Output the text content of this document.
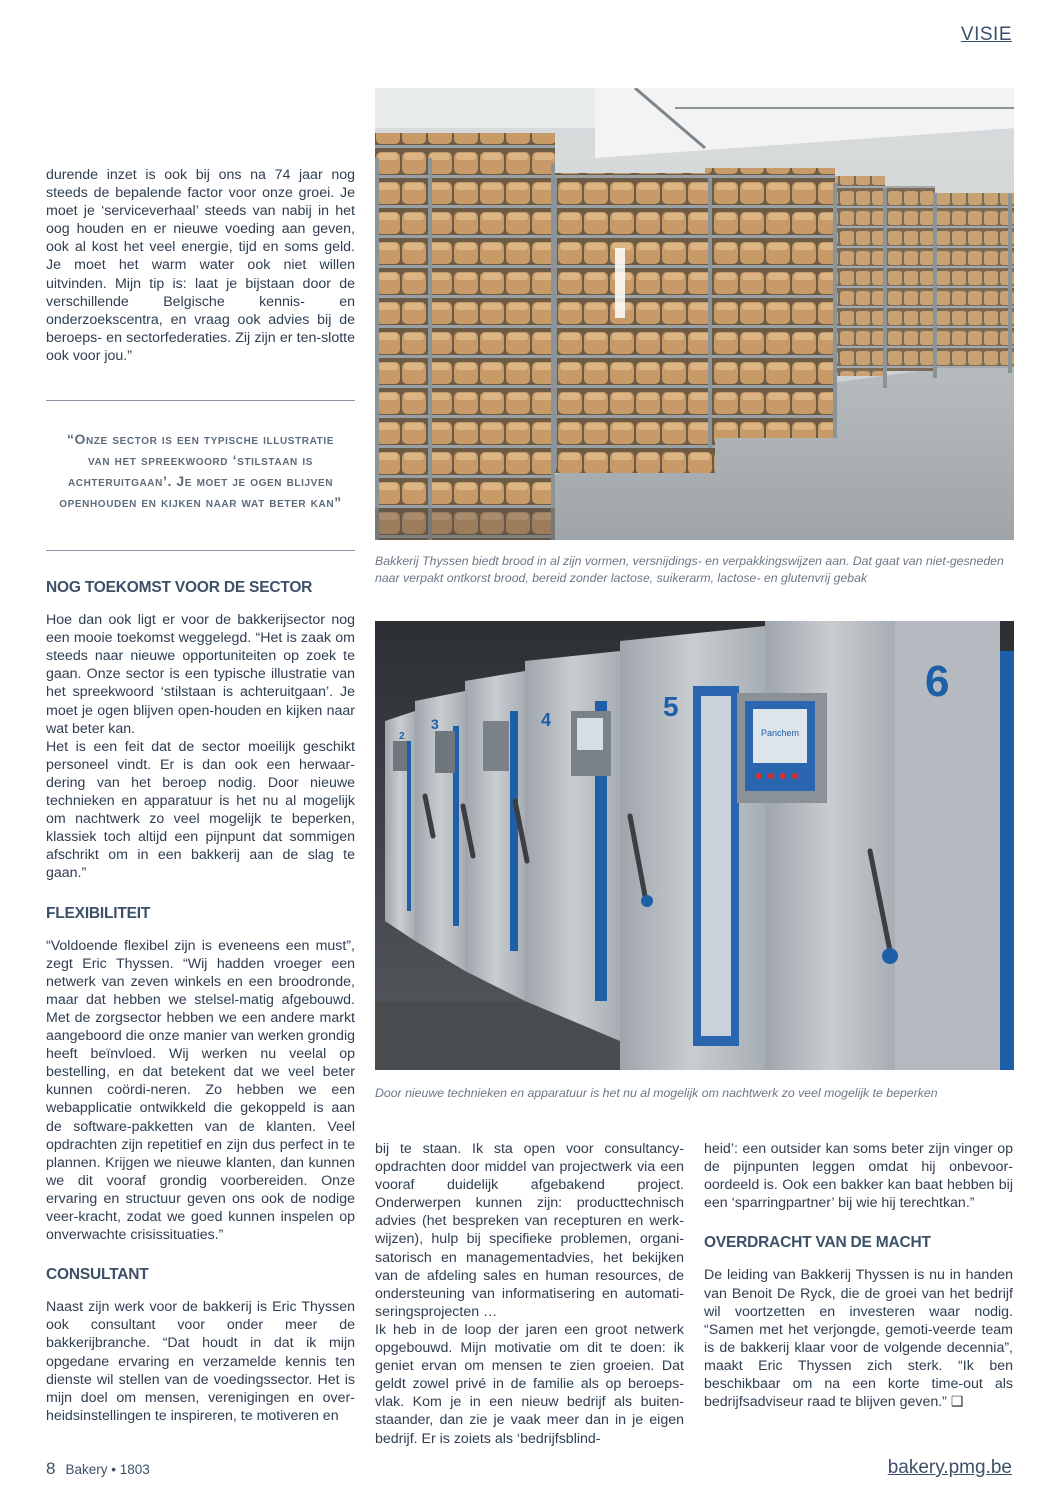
VISIE

durende inzet is ook bij ons na 74 jaar nog steeds de bepalende factor voor onze groei. Je moet je ‘serviceverhaal’ steeds van nabij in het oog houden en er nieuwe voeding aan geven, ook al kost het veel energie, tijd en soms geld. Je moet het warm water ook niet willen uitvinden. Mijn tip is: laat je bijstaan door de verschillende Belgische kennis- en onderzoekscentra, en vraag ook advies bij de beroeps- en sectorfederaties. Zij zijn er ten-slotte ook voor jou.”

“Onze sector is een typische illustratie van het spreekwoord ‘stilstaan is achteruitgaan’. Je moet je ogen blijven openhouden en kijken naar wat beter kan”
NOG TOEKOMST VOOR DE SECTOR

Hoe dan ook ligt er voor de bakkerijsector nog een mooie toekomst weggelegd. “Het is zaak om steeds naar nieuwe opportuniteiten op zoek te gaan. Onze sector is een typische illustratie van het spreekwoord ‘stilstaan is achteruitgaan’. Je moet je ogen blijven open-houden en kijken naar wat beter kan.

Het is een feit dat de sector moeilijk geschikt personeel vindt. Er is dan ook een herwaar-dering van het beroep nodig. Door nieuwe technieken en apparatuur is het nu al mogelijk om nachtwerk zo veel mogelijk te beperken, klassiek toch altijd een pijnpunt dat sommigen afschrikt om in een bakkerij aan de slag te gaan.”

FLEXIBILITEIT

“Voldoende flexibel zijn is eveneens een must”, zegt Eric Thyssen. “Wij hadden vroeger een netwerk van zeven winkels en een broodronde, maar dat hebben we stelsel-matig afgebouwd. Met de zorgsector hebben we een andere markt aangeboord die onze manier van werken grondig heeft beïnvloed. Wij werken nu veelal op bestelling, en dat betekent dat we veel beter kunnen coördi-neren. Zo hebben we een webapplicatie ontwikkeld die gekoppeld is aan de software-pakketten van de klanten. Veel opdrachten zijn repetitief en zijn dus perfect in te plannen. Krijgen we nieuwe klanten, dan kunnen we dit vooraf grondig voorbereiden. Onze ervaring en structuur geven ons ook de nodige veer-kracht, zodat we goed kunnen inspelen op onverwachte crisissituaties.”

CONSULTANT

Naast zijn werk voor de bakkerij is Eric Thyssen ook consultant voor onder meer de bakkerijbranche. “Dat houdt in dat ik mijn opgedane ervaring en verzamelde kennis ten dienste wil stellen van de voedingssector. Het is mijn doel om mensen, verenigingen en over-heidsinstellingen te inspireren, te motiveren en

Bakkerij Thyssen biedt brood in al zijn vormen, versnijdings- en verpakkingswijzen aan. Dat gaat van niet-gesneden naar verpakt ontkorst brood, bereid zonder lactose, suikerarm, lactose- en glutenvrij gebak
2
3	4	5
6
Panchem
Door nieuwe technieken en apparatuur is het nu al mogelijk om nachtwerk zo veel mogelijk te beperken

bij te staan. Ik sta open voor consultancy-opdrachten door middel van projectwerk via een vooraf duidelijk afgebakend project. Onderwerpen kunnen zijn: producttechnisch advies (het bespreken van recepturen en werk-wijzen), hulp bij specifieke problemen, organi-satorisch en managementadvies, het bekijken van de afdeling sales en human resources, de ondersteuning van informatisering en automati-seringsprojecten …

Ik heb in de loop der jaren een groot netwerk opgebouwd. Mijn motivatie om dit te doen: ik geniet ervan om mensen te zien groeien. Dat geldt zowel privé in de familie als op beroeps-vlak. Kom je in een nieuw bedrijf als buiten-staander, dan zie je vaak meer dan in je eigen bedrijf. Er is zoiets als ‘bedrijfsblind-

heid’: een outsider kan soms beter zijn vinger op de pijnpunten leggen omdat hij onbevoor-oordeeld is. Ook een bakker kan baat hebben bij een ‘sparringpartner’ bij wie hij terechtkan.”

OVERDRACHT VAN DE MACHT

De leiding van Bakkerij Thyssen is nu in handen van Benoit De Ryck, die de groei van het bedrijf wil voortzetten en investeren waar nodig. “Samen met het verjongde, gemoti-veerde team is de bakkerij klaar voor de volgende decennia”, maakt Eric Thyssen zich sterk. “Ik ben beschikbaar om na een korte time-out als bedrijfsadviseur raad te blijven geven.” ❑

8 Bakery • 1803	bakery.pmg.be
